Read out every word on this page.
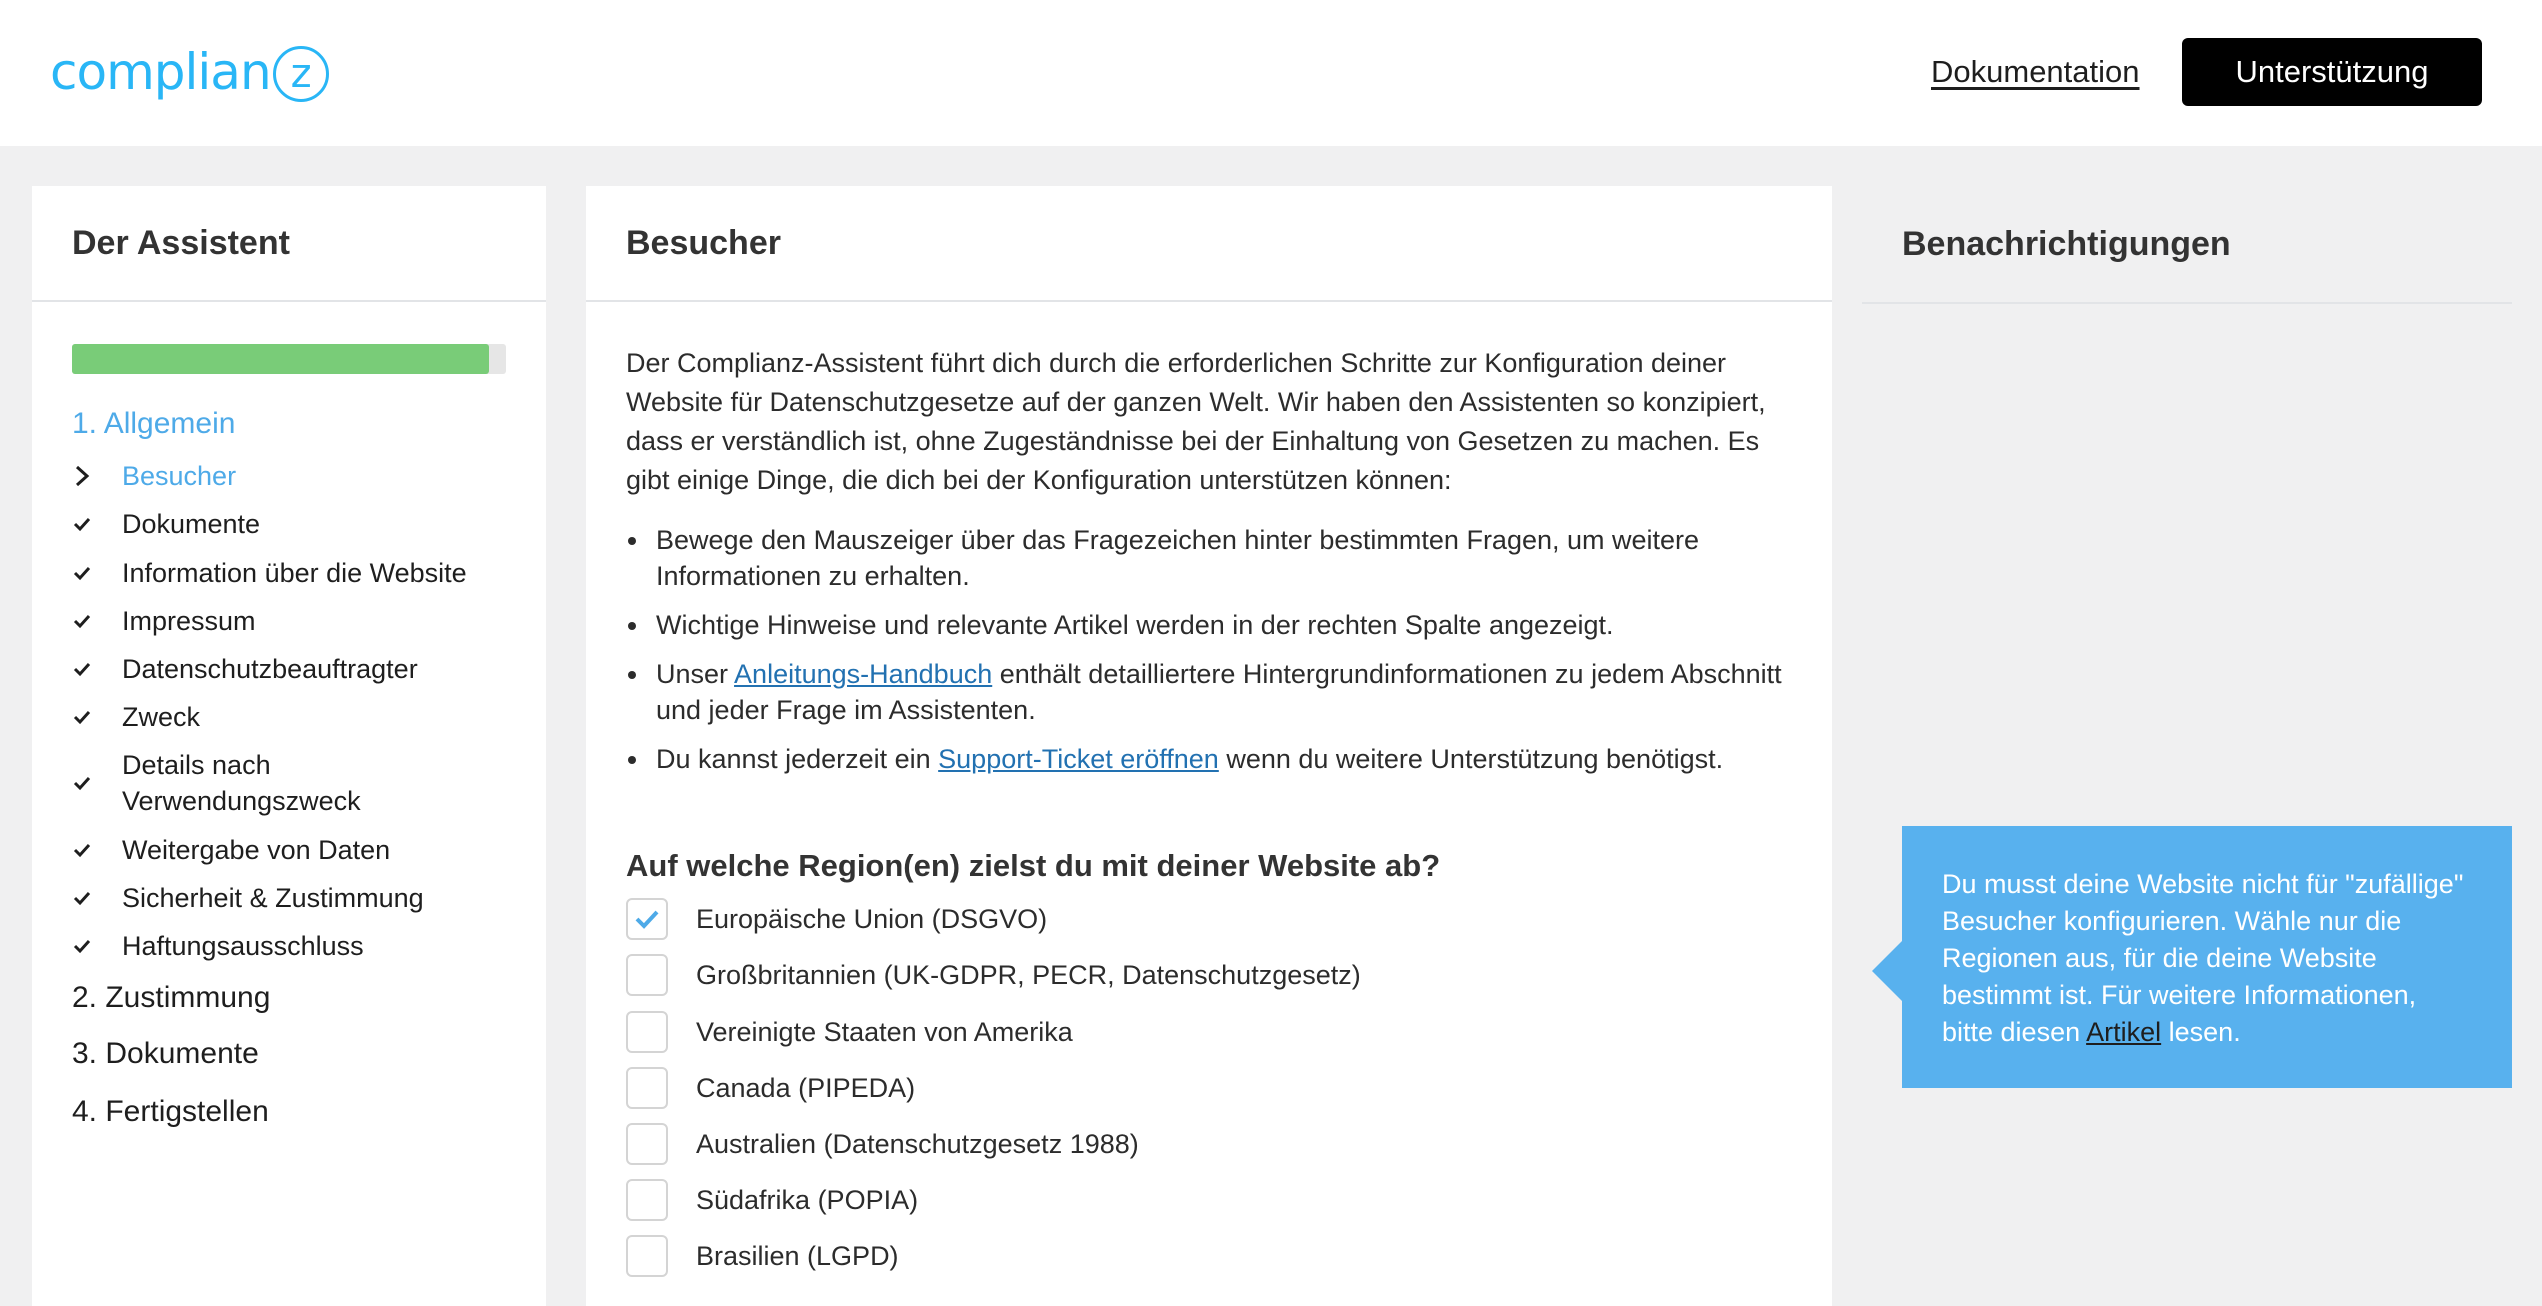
complian z	Dokumentation	Unterstützung
Der Assistent
1. Allgemein
Besucher
Dokumente
Information über die Website
Impressum
Datenschutzbeauftragter
Zweck
Details nach Verwendungszweck
Weitergabe von Daten
Sicherheit & Zustimmung
Haftungsausschluss
2. Zustimmung
3. Dokumente
4. Fertigstellen
Besucher

Der Complianz-Assistent führt dich durch die erforderlichen Schritte zur Konfiguration deiner Website für Datenschutzgesetze auf der ganzen Welt. Wir haben den Assistenten so konzipiert, dass er verständlich ist, ohne Zugeständnisse bei der Einhaltung von Gesetzen zu machen. Es gibt einige Dinge, die dich bei der Konfiguration unterstützen können:

Bewege den Mauszeiger über das Fragezeichen hinter bestimmten Fragen, um weitere Informationen zu erhalten.
Wichtige Hinweise und relevante Artikel werden in der rechten Spalte angezeigt.
Unser Anleitungs-Handbuch enthält detailliertere Hintergrundinformationen zu jedem Abschnitt und jeder Frage im Assistenten.
Du kannst jederzeit ein Support-Ticket eröffnen wenn du weitere Unterstützung benötigst.
Auf welche Region(en) zielst du mit deiner Website ab?
Europäische Union (DSGVO)
Großbritannien (UK-GDPR, PECR, Datenschutzgesetz)
Vereinigte Staaten von Amerika
Canada (PIPEDA)
Australien (Datenschutzgesetz 1988)
Südafrika (POPIA)
Brasilien (LGPD)
Benachrichtigungen
Du musst deine Website nicht für "zufällige" Besucher konfigurieren. Wähle nur die Regionen aus, für die deine Website bestimmt ist. Für weitere Informationen, bitte diesen Artikel lesen.
